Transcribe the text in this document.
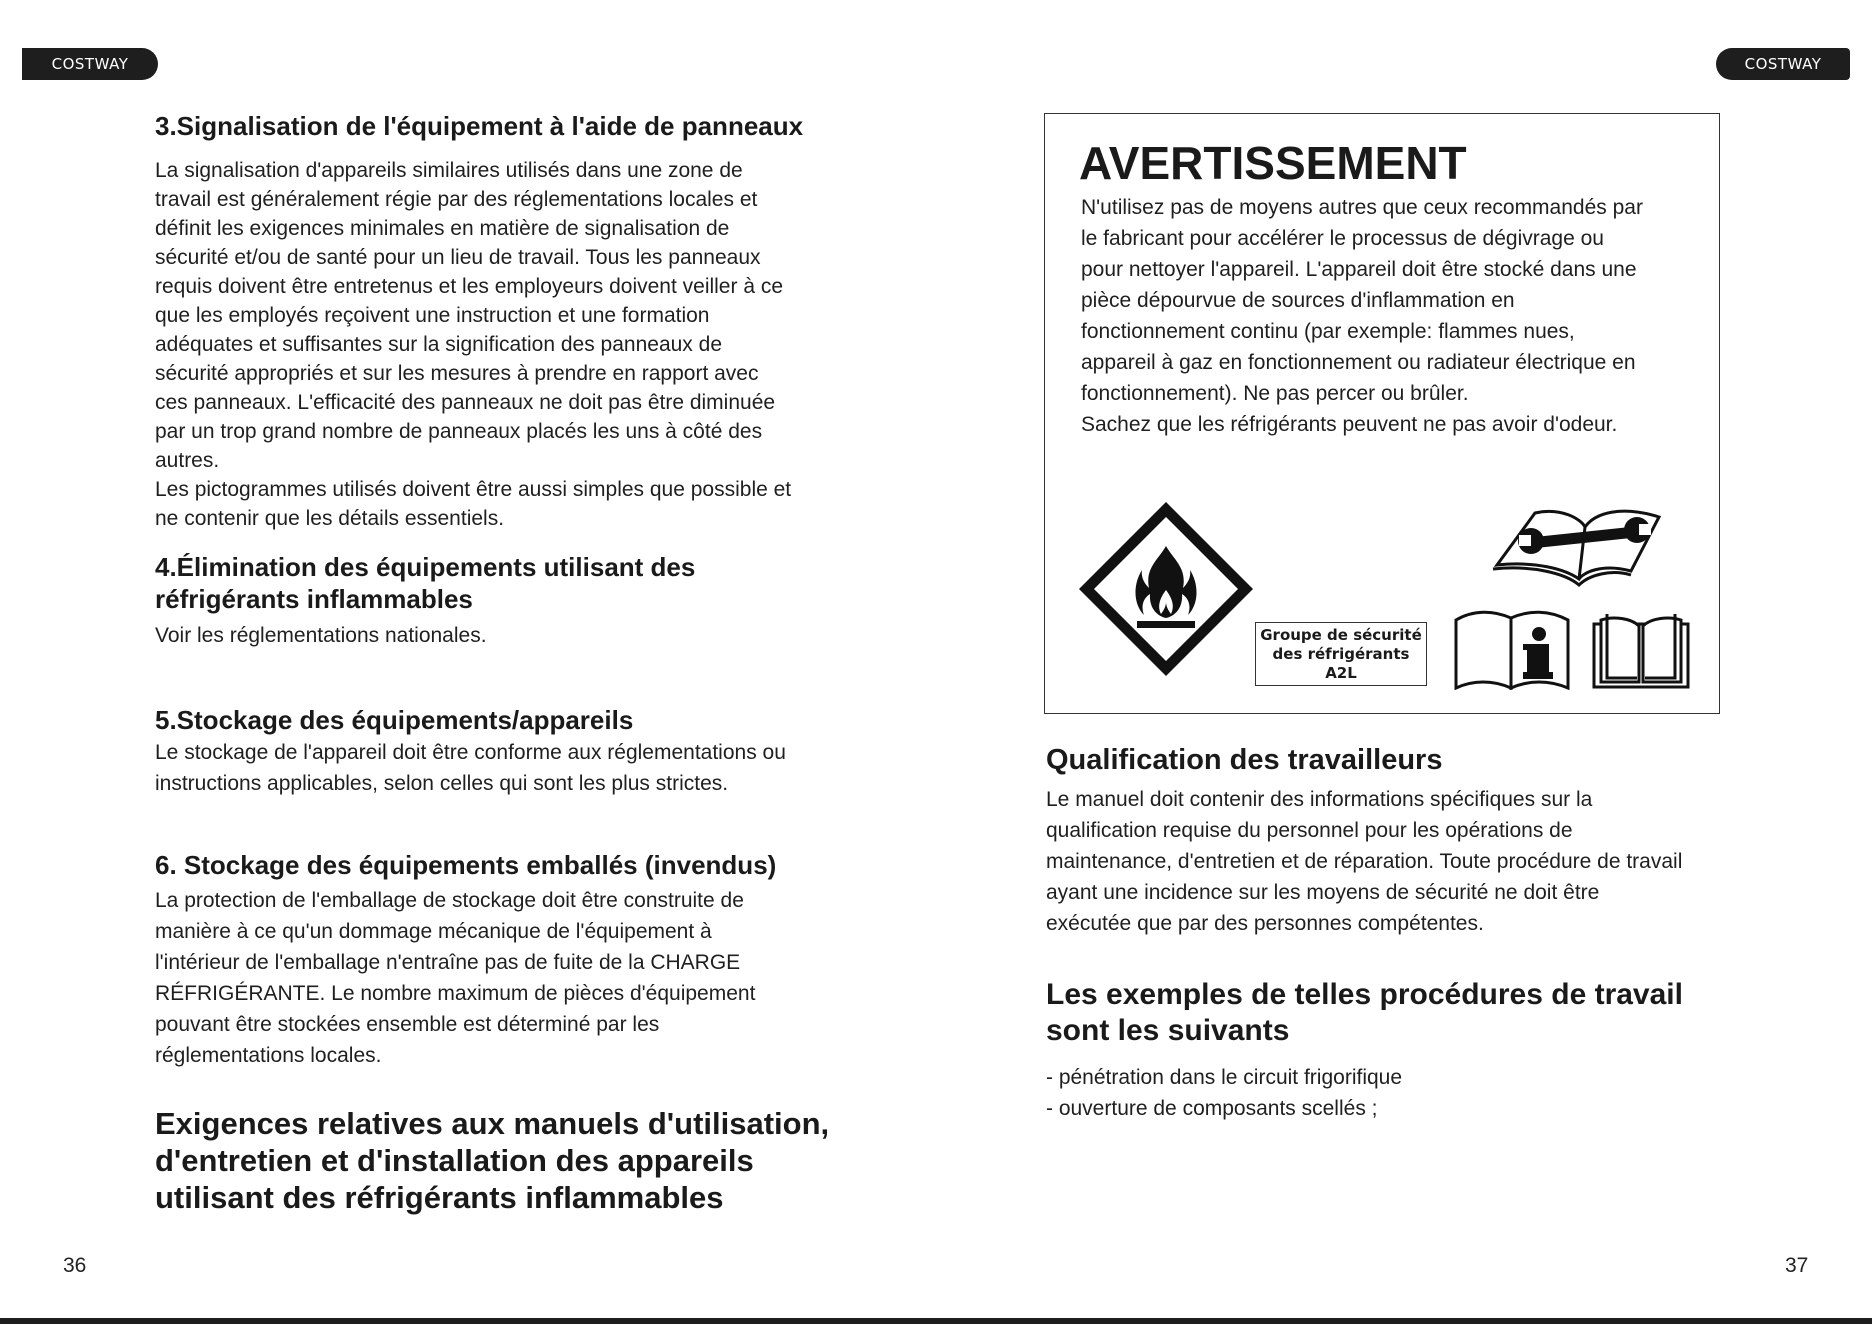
COSTWAY	COSTWAY
3.Signalisation de l'équipement à l'aide de panneaux

La signalisation d'appareils similaires utilisés dans une zone de

travail est généralement régie par des réglementations locales et

définit les exigences minimales en matière de signalisation de

sécurité et/ou de santé pour un lieu de travail. Tous les panneaux

requis doivent être entretenus et les employeurs doivent veiller à ce

que les employés reçoivent une instruction et une formation

adéquates et suffisantes sur la signification des panneaux de

sécurité appropriés et sur les mesures à prendre en rapport avec

ces panneaux. L'efficacité des panneaux ne doit pas être diminuée

par un trop grand nombre de panneaux placés les uns à côté des

autres.

Les pictogrammes utilisés doivent être aussi simples que possible et

ne contenir que les détails essentiels.

4.Élimination des équipements utilisant des
réfrigérants inflammables

Voir les réglementations nationales.

5.Stockage des équipements/appareils

Le stockage de l'appareil doit être conforme aux réglementations ou

instructions applicables, selon celles qui sont les plus strictes.

6. Stockage des équipements emballés (invendus)

La protection de l'emballage de stockage doit être construite de

manière à ce qu'un dommage mécanique de l'équipement à

l'intérieur de l'emballage n'entraîne pas de fuite de la CHARGE

RÉFRIGÉRANTE. Le nombre maximum de pièces d'équipement

pouvant être stockées ensemble est déterminé par les

réglementations locales.

Exigences relatives aux manuels d'utilisation,
d'entretien et d'installation des appareils
utilisant des réfrigérants inflammables
36
AVERTISSEMENT

N'utilisez pas de moyens autres que ceux recommandés par

le fabricant pour accélérer le processus de dégivrage ou

pour nettoyer l'appareil. L'appareil doit être stocké dans une

pièce dépourvue de sources d'inflammation en

fonctionnement continu (par exemple: flammes nues,

appareil à gaz en fonctionnement ou radiateur électrique en

fonctionnement). Ne pas percer ou brûler.

Sachez que les réfrigérants peuvent ne pas avoir d'odeur.

Groupe de sécurité
des réfrigérants A2L
Qualification des travailleurs

Le manuel doit contenir des informations spécifiques sur la

qualification requise du personnel pour les opérations de

maintenance, d'entretien et de réparation. Toute procédure de travail

ayant une incidence sur les moyens de sécurité ne doit être

exécutée que par des personnes compétentes.

Les exemples de telles procédures de travail
sont les suivants

- pénétration dans le circuit frigorifique

- ouverture de composants scellés ;

37
